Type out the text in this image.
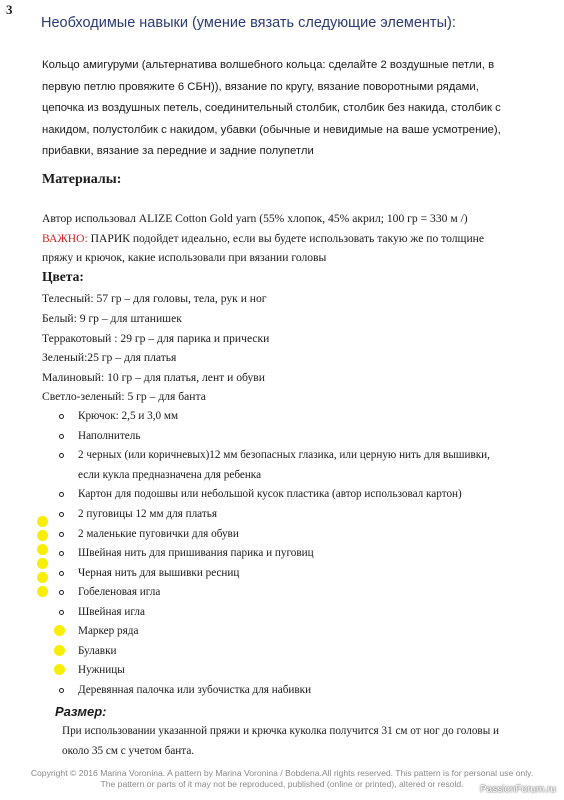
3
Необходимые навыки (умение вязать следующие элементы):
Кольцо амигуруми (альтернатива волшебного кольца: сделайте 2 воздушные петли, в
первую петлю провяжите 6 СБН)), вязание по кругу, вязание поворотными рядами,
цепочка из воздушных петель, соединительный столбик, столбик без накида, столбик с
накидом, полустолбик с накидом, убавки (обычные и невидимые на ваше усмотрение),
прибавки, вязание за передние и задние полупетли
Материалы:
Автор использовал ALIZE Cotton Gold yarn (55% хлопок, 45% акрил; 100 гр = 330 м /)
ВАЖНО: ПАРИК подойдет идеально, если вы будете использовать такую же по толщине
пряжу и крючок, какие использовали при вязании головы
Цвета:
Телесный: 57 гр – для головы, тела, рук и ног
Белый: 9 гр – для штанишек
Терракотовый : 29 гр – для парика и прически
Зеленый:25 гр – для платья
Малиновый: 10 гр – для платья, лент и обуви
Светло-зеленый: 5 гр – для банта
Крючок: 2,5 и 3,0 мм
Наполнитель
2 черных (или коричневых)12 мм безопасных глазика, или церную нить для вышивки,
если кукла предназначена для ребенка
Картон для подошвы или небольшой кусок пластика (автор использовал картон)
2 пуговицы 12 мм для платья
2 маленькие пуговички для обуви
Швейная нить для пришивания парика и пуговиц
Черная нить для вышивки ресниц
Гобеленовая игла
Швейная игла
Маркер ряда
Булавки
Нужницы
Деревянная палочка или зубочистка для набивки
Размер:
При использовании указанной пряжи и крючка куколка получится 31 см от ног до головы и
около 35 см с учетом банта.
Copyright © 2016 Marina Voronina. A pattern by Marina Voronina / Bobdena.All rights reserved. This pattern is for personal use only.
The pattern or parts of it may not be reproduced, published (online or printed), altered or resold.	PassionForum.ru
